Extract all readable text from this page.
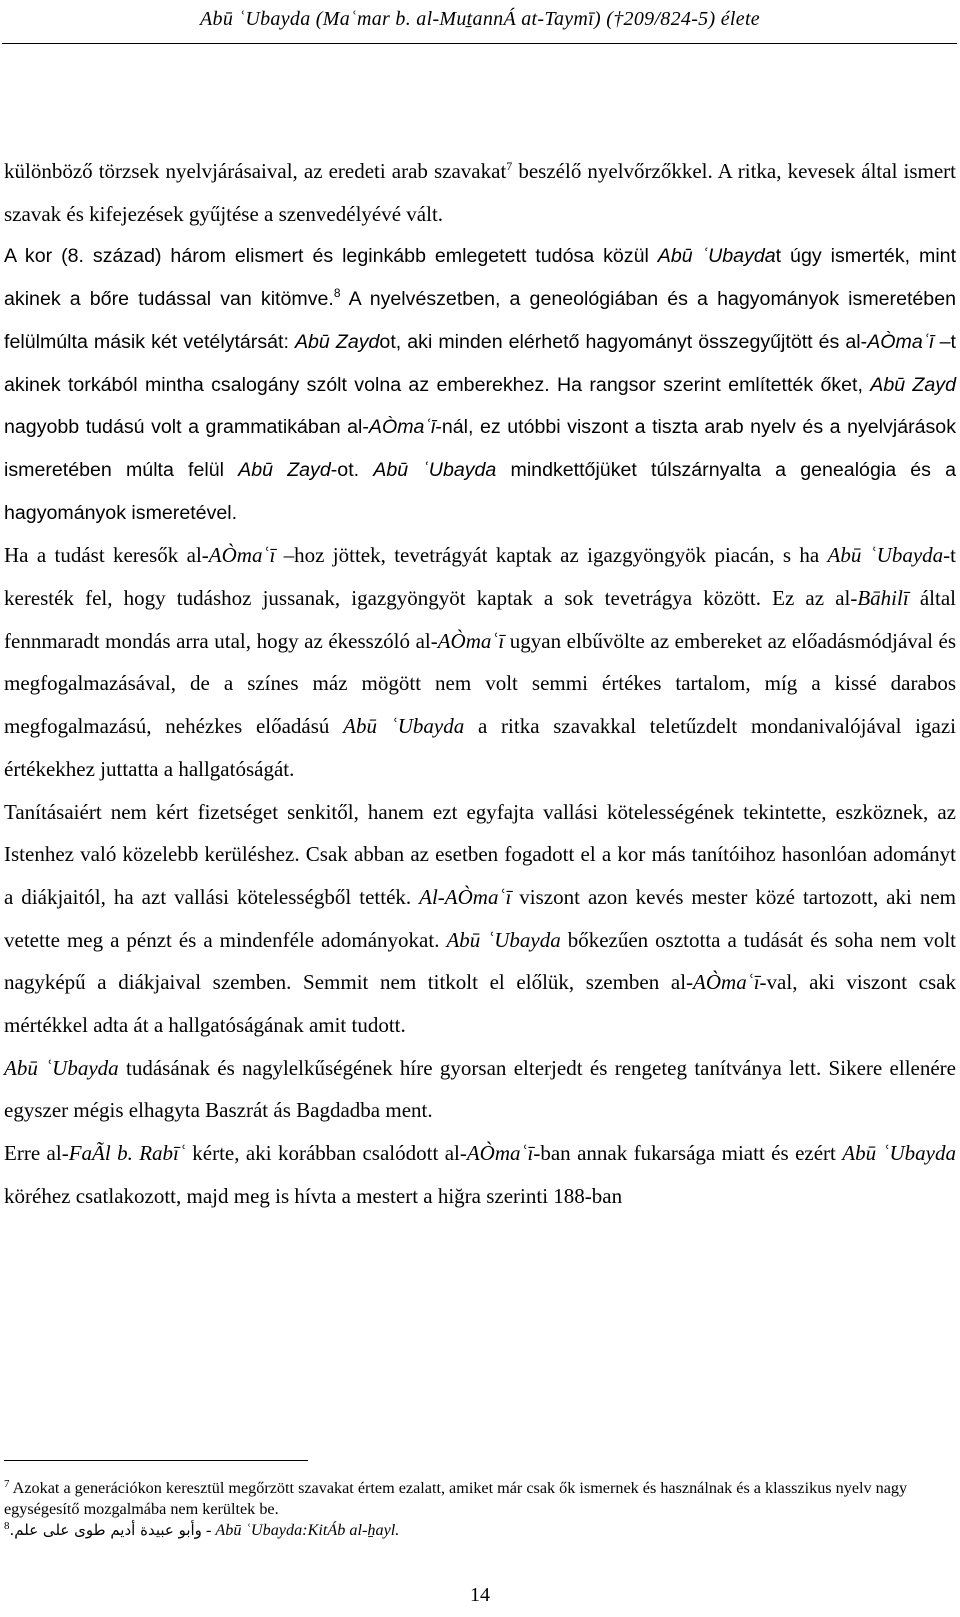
Abū ʿUbayda (Maʿmar b. al-MuṯannÁ at-Taymī) (†209/824-5) élete

különböző törzsek nyelvjárásaival, az eredeti arab szavakat$^7$ beszélő nyelvőrzőkkel. A ritka, kevesek által ismert szavak és kifejezések gyűjtése a szenvedélyévé vált.

A kor (8. század) három elismert és leginkább emlegetett tudósa közül Abū ʿUbaydat úgy ismerték, mint akinek a bőre tudással van kitömve.$^8$ A nyelvészetben, a geneológiában és a hagyományok ismeretében felülmúlta másik két vetélytársát: Abū Zaydot, aki minden elérhető hagyományt összegyűjtött és al-AÒmaʿī –t akinek torkából mintha csalogány szólt volna az emberekhez. Ha rangsor szerint említették őket, Abū Zayd nagyobb tudású volt a grammatikában al-AÒmaʿī-nál, ez utóbbi viszont a tiszta arab nyelv és a nyelvjárások ismeretében múlta felül Abū Zayd-ot. Abū ʿUbayda mindkettőjüket túlszárnyalta a genealógia és a hagyományok ismeretével.

Ha a tudást keresők al-AÒmaʿī –hoz jöttek, tevetrágyát kaptak az igazgyöngyök piacán, s ha Abū ʿUbayda-t keresték fel, hogy tudáshoz jussanak, igazgyöngyöt kaptak a sok tevetrágya között. Ez az al-Bāhilī által fennmaradt mondás arra utal, hogy az ékesszóló al-AÒmaʿī ugyan elbűvölte az embereket az előadásmódjával és megfogalmazásával, de a színes máz mögött nem volt semmi értékes tartalom, míg a kissé darabos megfogalmazású, nehézkes előadású Abū ʿUbayda a ritka szavakkal teletűzdelt mondanivalójával igazi értékekhez juttatta a hallgatóságát.

Tanításaiért nem kért fizetséget senkitől, hanem ezt egyfajta vallási kötelességének tekintette, eszköznek, az Istenhez való közelebb kerüléshez. Csak abban az esetben fogadott el a kor más tanítóihoz hasonlóan adományt a diákjaitól, ha azt vallási kötelességből tették. Al-AÒmaʿī viszont azon kevés mester közé tartozott, aki nem vetette meg a pénzt és a mindenféle adományokat. Abū ʿUbayda bőkezűen osztotta a tudását és soha nem volt nagyképű a diákjaival szemben. Semmit nem titkolt el előlük, szemben al-AÒmaʿī-val, aki viszont csak mértékkel adta át a hallgatóságának amit tudott.

Abū ʿUbayda tudásának és nagylelkűségének híre gyorsan elterjedt és rengeteg tanítványa lett. Sikere ellenére egyszer mégis elhagyta Baszrát ás Bagdadba ment.

Erre al-FaÃl b. Rabīʿ kérte, aki korábban csalódott al-AÒmaʿī-ban annak fukarsága miatt és ezért Abū ʿUbayda köréhez csatlakozott, majd meg is hívta a mestert a hiğra szerinti 188-ban

$^7$ Azokat a generációkon keresztül megőrzött szavakat értem ezalatt, amiket már csak ők ismernek és használnak és a klasszikus nyelv nagy egységesítő mozgalmába nem kerültek be.

$^8$وأبو عبيدة أديم طوى على علم. - Abū ʿUbayda:KitÁb al-ẖayl.

14
